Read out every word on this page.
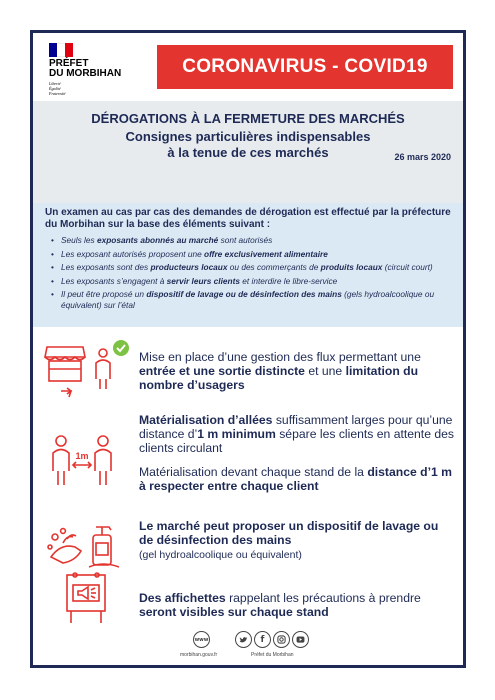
PRÉFET
DU MORBIHAN
Liberté
Égalité
Fraternité
CORONAVIRUS - COVID19
DÉROGATIONS À LA FERMETURE DES MARCHÉS
Consignes particulières indispensables
à la tenue de ces marchés	26 mars 2020
Un examen au cas par cas des demandes de dérogation est effectué par la préfecture du Morbihan sur la base des éléments suivant :
• Seuls les exposants abonnés au marché sont autorisés
• Les exposant autorisés proposent une offre exclusivement alimentaire
• Les exposants sont des producteurs locaux ou des commerçants de produits locaux (circuit court)
• Les exposants s’engagent à servir leurs clients et interdire le libre-service
• Il peut être proposé un dispositif de lavage ou de désinfection des mains (gels hydroalcoolique ou équivalent) sur l’étal
Mise en place d’une gestion des flux permettant une entrée et une sortie distincte et une limitation du nombre d’usagers
1m
Matérialisation d’allées suffisamment larges pour qu’une distance d’1 m minimum sépare les clients en attente des clients circulant
Matérialisation devant chaque stand de la distance d’1 m à respecter entre chaque client
Le marché peut proposer un dispositif de lavage ou de désinfection des mains
(gel hydroalcoolique ou équivalent)
Des affichettes rappelant les précautions à prendre seront visibles sur chaque stand
www
morbihan.gouv.fr
f
Préfet du Morbihan
